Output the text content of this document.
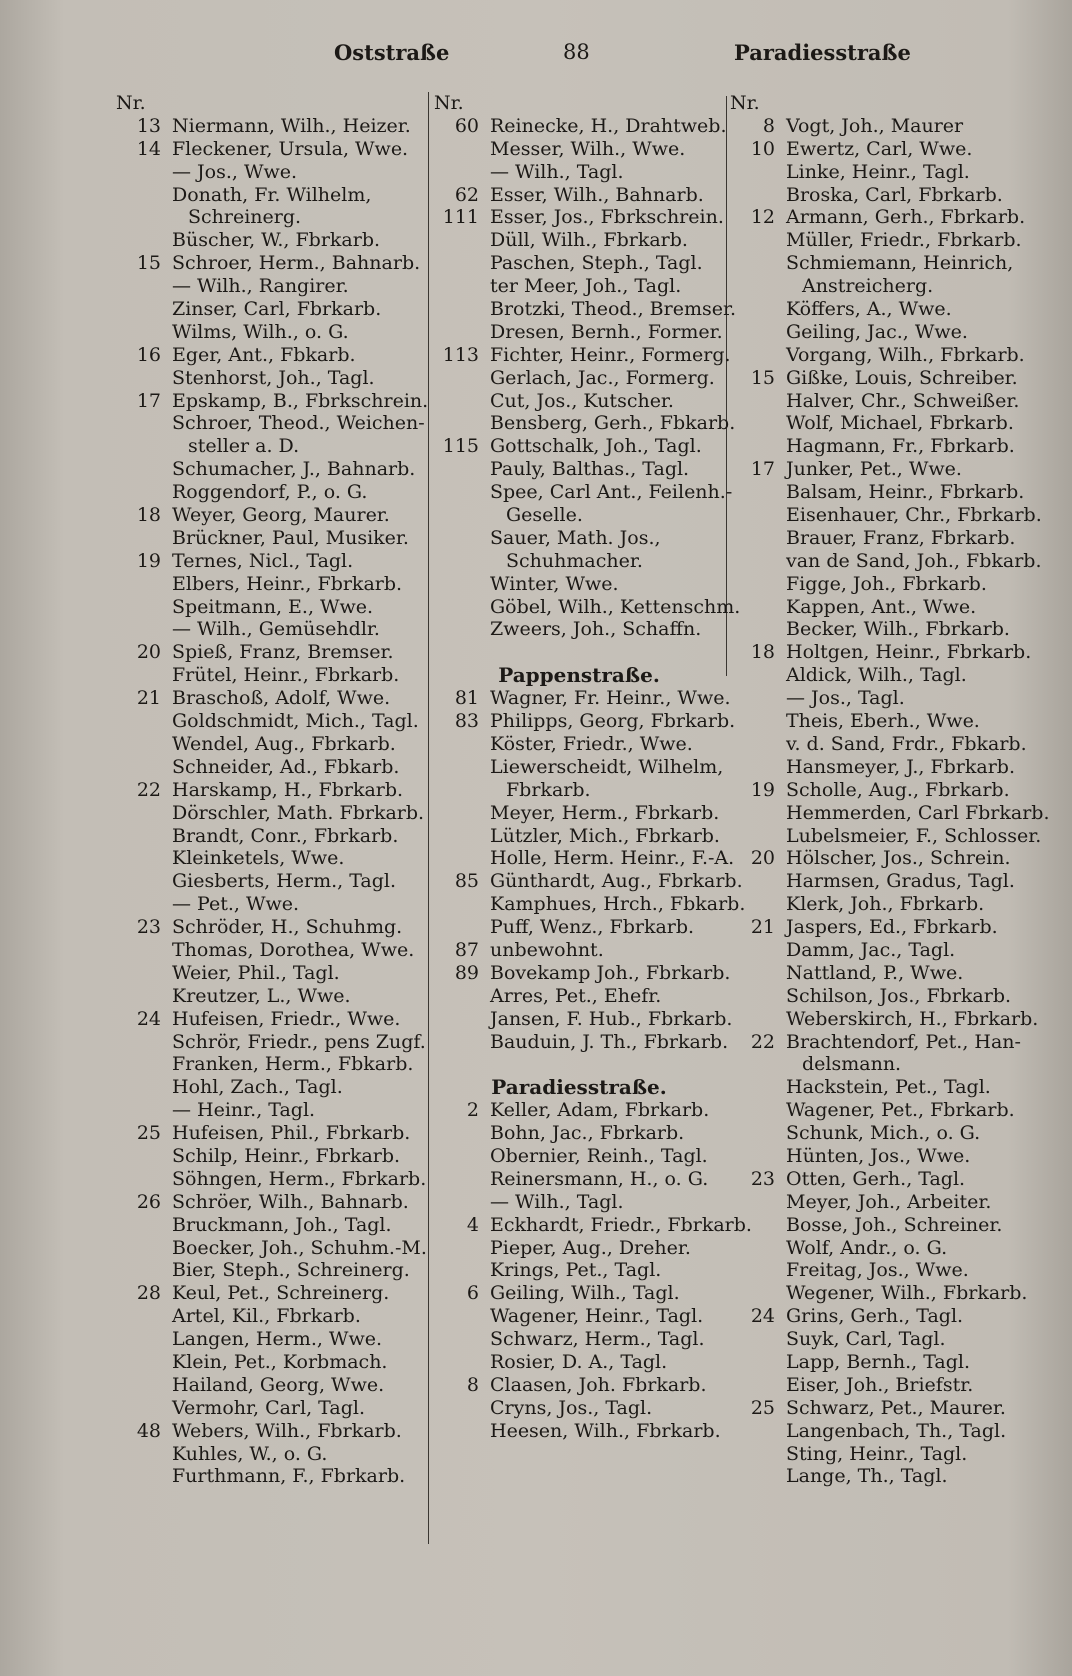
Oststraße	88	Paradiesstraße
Nr.
13 Niermann, Wilh., Heizer.
14 Fleckener, Ursula, Wwe.
— Jos., Wwe.
Donath, Fr. Wilhelm,
Schreinerg.
Büscher, W., Fbrkarb.
15 Schroer, Herm., Bahnarb.
— Wilh., Rangirer.
Zinser, Carl, Fbrkarb.
Wilms, Wilh., o. G.
16 Eger, Ant., Fbkarb.
Stenhorst, Joh., Tagl.
17 Epskamp, B., Fbrkschrein.
Schroer, Theod., Weichen-
steller a. D.
Schumacher, J., Bahnarb.
Roggendorf, P., o. G.
18 Weyer, Georg, Maurer.
Brückner, Paul, Musiker.
19 Ternes, Nicl., Tagl.
Elbers, Heinr., Fbrkarb.
Speitmann, E., Wwe.
— Wilh., Gemüsehdlr.
20 Spieß, Franz, Bremser.
Frütel, Heinr., Fbrkarb.
21 Braschoß, Adolf, Wwe.
Goldschmidt, Mich., Tagl.
Wendel, Aug., Fbrkarb.
Schneider, Ad., Fbkarb.
22 Harskamp, H., Fbrkarb.
Dörschler, Math. Fbrkarb.
Brandt, Conr., Fbrkarb.
Kleinketels, Wwe.
Giesberts, Herm., Tagl.
— Pet., Wwe.
23 Schröder, H., Schuhmg.
Thomas, Dorothea, Wwe.
Weier, Phil., Tagl.
Kreutzer, L., Wwe.
24 Hufeisen, Friedr., Wwe.
Schrör, Friedr., pens Zugf.
Franken, Herm., Fbkarb.
Hohl, Zach., Tagl.
— Heinr., Tagl.
25 Hufeisen, Phil., Fbrkarb.
Schilp, Heinr., Fbrkarb.
Söhngen, Herm., Fbrkarb.
26 Schröer, Wilh., Bahnarb.
Bruckmann, Joh., Tagl.
Boecker, Joh., Schuhm.-M.
Bier, Steph., Schreinerg.
28 Keul, Pet., Schreinerg.
Artel, Kil., Fbrkarb.
Langen, Herm., Wwe.
Klein, Pet., Korbmach.
Hailand, Georg, Wwe.
Vermohr, Carl, Tagl.
48 Webers, Wilh., Fbrkarb.
Kuhles, W., o. G.
Furthmann, F., Fbrkarb.
Nr.
60 Reinecke, H., Drahtweb.
Messer, Wilh., Wwe.
— Wilh., Tagl.
62 Esser, Wilh., Bahnarb.
111 Esser, Jos., Fbrkschrein.
Düll, Wilh., Fbrkarb.
Paschen, Steph., Tagl.
ter Meer, Joh., Tagl.
Brotzki, Theod., Bremser.
Dresen, Bernh., Former.
113 Fichter, Heinr., Formerg.
Gerlach, Jac., Formerg.
Cut, Jos., Kutscher.
Bensberg, Gerh., Fbkarb.
115 Gottschalk, Joh., Tagl.
Pauly, Balthas., Tagl.
Spee, Carl Ant., Feilenh.-
Geselle.
Sauer, Math. Jos.,
Schuhmacher.
Winter, Wwe.
Göbel, Wilh., Kettenschm.
Zweers, Joh., Schaffn.
Pappenstraße.
81 Wagner, Fr. Heinr., Wwe.
83 Philipps, Georg, Fbrkarb.
Köster, Friedr., Wwe.
Liewerscheidt, Wilhelm,
Fbrkarb.
Meyer, Herm., Fbrkarb.
Lützler, Mich., Fbrkarb.
Holle, Herm. Heinr., F.-A.
85 Günthardt, Aug., Fbrkarb.
Kamphues, Hrch., Fbkarb.
Puff, Wenz., Fbrkarb.
87 unbewohnt.
89 Bovekamp Joh., Fbrkarb.
Arres, Pet., Ehefr.
Jansen, F. Hub., Fbrkarb.
Bauduin, J. Th., Fbrkarb.
Paradiesstraße.
2 Keller, Adam, Fbrkarb.
Bohn, Jac., Fbrkarb.
Obernier, Reinh., Tagl.
Reinersmann, H., o. G.
— Wilh., Tagl.
4 Eckhardt, Friedr., Fbrkarb.
Pieper, Aug., Dreher.
Krings, Pet., Tagl.
6 Geiling, Wilh., Tagl.
Wagener, Heinr., Tagl.
Schwarz, Herm., Tagl.
Rosier, D. A., Tagl.
8 Claasen, Joh. Fbrkarb.
Cryns, Jos., Tagl.
Heesen, Wilh., Fbrkarb.
Nr.
8 Vogt, Joh., Maurer
10 Ewertz, Carl, Wwe.
Linke, Heinr., Tagl.
Broska, Carl, Fbrkarb.
12 Armann, Gerh., Fbrkarb.
Müller, Friedr., Fbrkarb.
Schmiemann, Heinrich,
Anstreicherg.
Köffers, A., Wwe.
Geiling, Jac., Wwe.
Vorgang, Wilh., Fbrkarb.
15 Gißke, Louis, Schreiber.
Halver, Chr., Schweißer.
Wolf, Michael, Fbrkarb.
Hagmann, Fr., Fbrkarb.
17 Junker, Pet., Wwe.
Balsam, Heinr., Fbrkarb.
Eisenhauer, Chr., Fbrkarb.
Brauer, Franz, Fbrkarb.
van de Sand, Joh., Fbkarb.
Figge, Joh., Fbrkarb.
Kappen, Ant., Wwe.
Becker, Wilh., Fbrkarb.
18 Holtgen, Heinr., Fbrkarb.
Aldick, Wilh., Tagl.
— Jos., Tagl.
Theis, Eberh., Wwe.
v. d. Sand, Frdr., Fbkarb.
Hansmeyer, J., Fbrkarb.
19 Scholle, Aug., Fbrkarb.
Hemmerden, Carl Fbrkarb.
Lubelsmeier, F., Schlosser.
20 Hölscher, Jos., Schrein.
Harmsen, Gradus, Tagl.
Klerk, Joh., Fbrkarb.
21 Jaspers, Ed., Fbrkarb.
Damm, Jac., Tagl.
Nattland, P., Wwe.
Schilson, Jos., Fbrkarb.
Weberskirch, H., Fbrkarb.
22 Brachtendorf, Pet., Han-
delsmann.
Hackstein, Pet., Tagl.
Wagener, Pet., Fbrkarb.
Schunk, Mich., o. G.
Hünten, Jos., Wwe.
23 Otten, Gerh., Tagl.
Meyer, Joh., Arbeiter.
Bosse, Joh., Schreiner.
Wolf, Andr., o. G.
Freitag, Jos., Wwe.
Wegener, Wilh., Fbrkarb.
24 Grins, Gerh., Tagl.
Suyk, Carl, Tagl.
Lapp, Bernh., Tagl.
Eiser, Joh., Briefstr.
25 Schwarz, Pet., Maurer.
Langenbach, Th., Tagl.
Sting, Heinr., Tagl.
Lange, Th., Tagl.
